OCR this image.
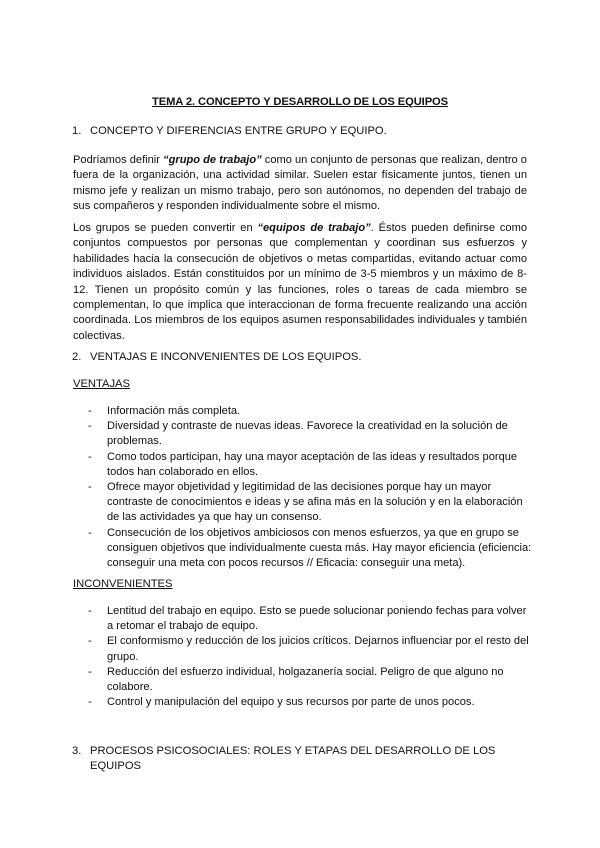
TEMA 2. CONCEPTO Y DESARROLLO DE LOS EQUIPOS
1. CONCEPTO Y DIFERENCIAS ENTRE GRUPO Y EQUIPO.
Podríamos definir “grupo de trabajo” como un conjunto de personas que realizan, dentro o fuera de la organización, una actividad similar. Suelen estar físicamente juntos, tienen un mismo jefe y realizan un mismo trabajo, pero son autónomos, no dependen del trabajo de sus compañeros y responden individualmente sobre el mismo.
Los grupos se pueden convertir en “equipos de trabajo”. Éstos pueden definirse como conjuntos compuestos por personas que complementan y coordinan sus esfuerzos y habilidades hacia la consecución de objetivos o metas compartidas, evitando actuar como individuos aislados. Están constituidos por un mínimo de 3-5 miembros y un máximo de 8-12. Tienen un propósito común y las funciones, roles o tareas de cada miembro se complementan, lo que implica que interaccionan de forma frecuente realizando una acción coordinada. Los miembros de los equipos asumen responsabilidades individuales y también colectivas.
2. VENTAJAS E INCONVENIENTES DE LOS EQUIPOS.
VENTAJAS
- Información más completa.
- Diversidad y contraste de nuevas ideas. Favorece la creatividad en la solución de problemas.
- Como todos participan, hay una mayor aceptación de las ideas y resultados porque todos han colaborado en ellos.
- Ofrece mayor objetividad y legitimidad de las decisiones porque hay un mayor contraste de conocimientos e ideas y se afina más en la solución y en la elaboración de las actividades ya que hay un consenso.
- Consecución de los objetivos ambiciosos con menos esfuerzos, ya que en grupo se consiguen objetivos que individualmente cuesta más. Hay mayor eficiencia (eficiencia: conseguir una meta con pocos recursos // Eficacia: conseguir una meta).
INCONVENIENTES
- Lentitud del trabajo en equipo. Esto se puede solucionar poniendo fechas para volver a retomar el trabajo de equipo.
- El conformismo y reducción de los juicios críticos. Dejarnos influenciar por el resto del grupo.
- Reducción del esfuerzo individual, holgazanería social. Peligro de que alguno no colabore.
- Control y manipulación del equipo y sus recursos por parte de unos pocos.
3.	PROCESOS PSICOSOCIALES: ROLES Y ETAPAS DEL DESARROLLO DE LOS EQUIPOS
